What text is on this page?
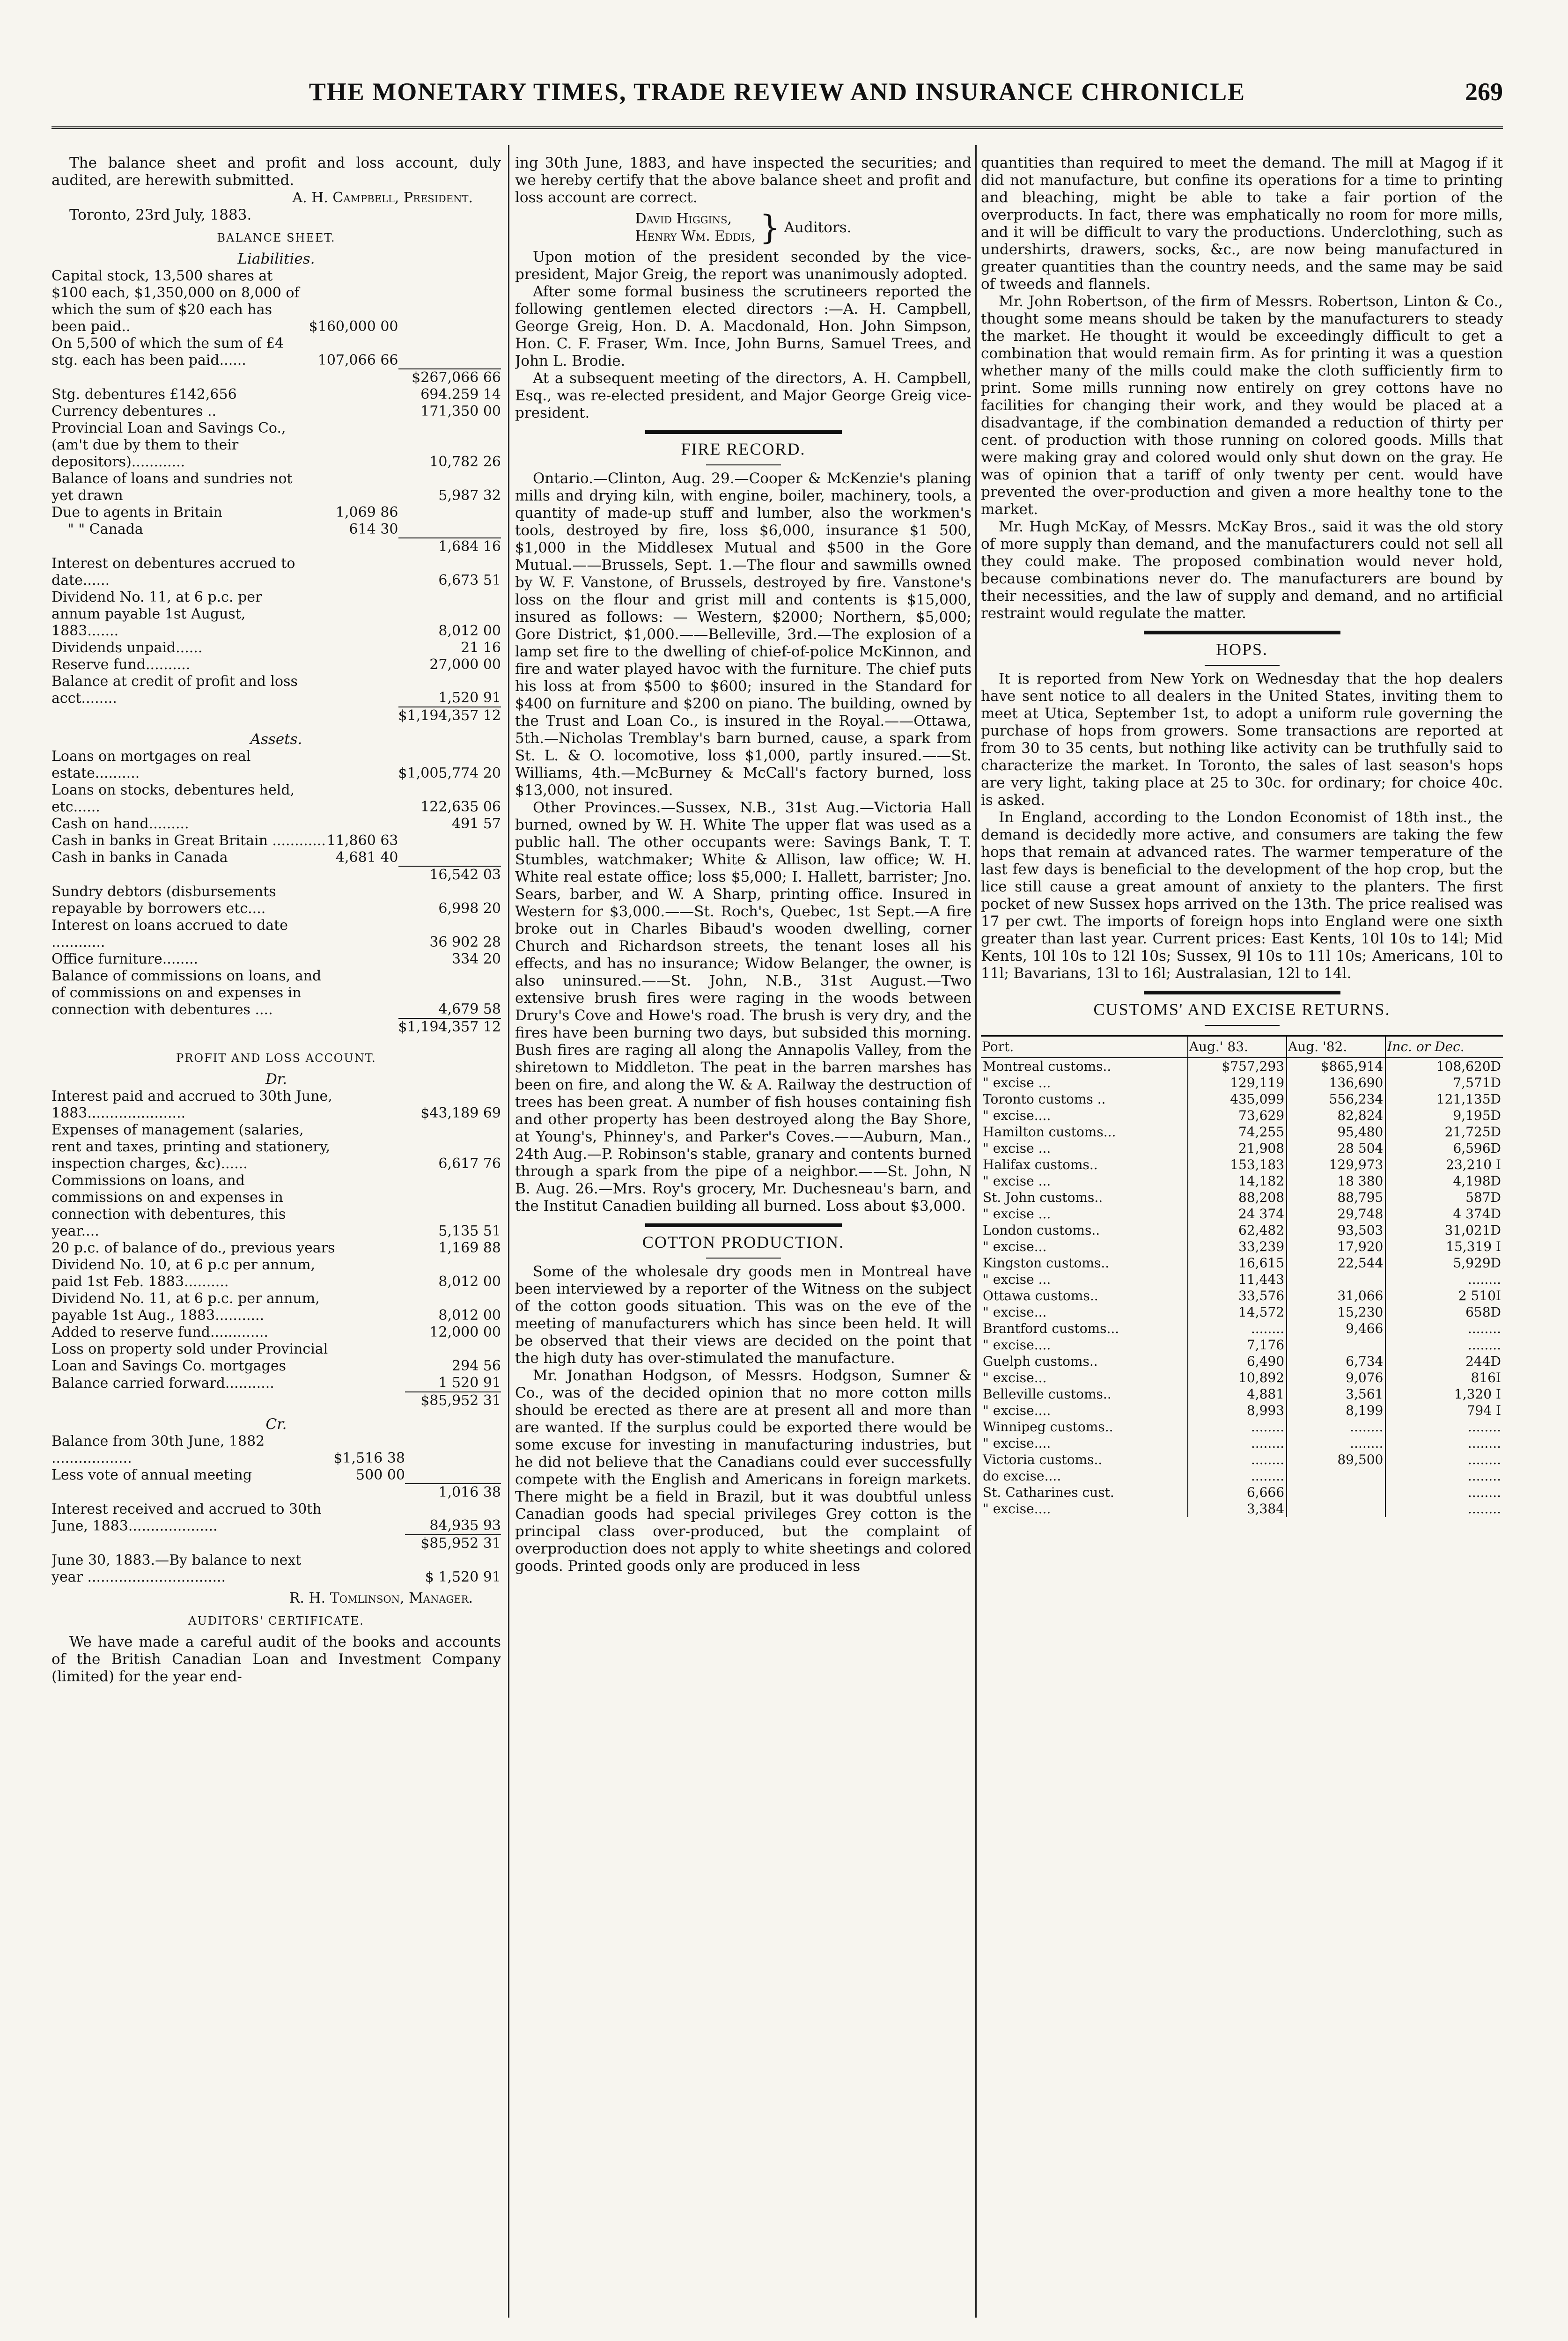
THE MONETARY TIMES, TRADE REVIEW AND INSURANCE CHRONICLE	269

The balance sheet and profit and loss account, duly audited, are herewith submitted.

A. H. Campbell, President.

Toronto, 23rd July, 1883.

BALANCE SHEET.
Liabilities.
Capital stock, 13,500 shares at $100 each, $1,350,000 on 8,000 of which the sum of $20 each has been paid..	$160,000 00	
On 5,500 of which the sum of £4 stg. each has been paid......	107,066 66	
		$267,066 66
Stg. debentures £142,656		694.259 14
Currency debentures ..		171,350 00
Provincial Loan and Savings Co., (am't due by them to their depositors)............		10,782 26
Balance of loans and sundries not yet drawn		5,987 32
Due to agents in Britain	1,069 86	
" " Canada	614 30	
		1,684 16
Interest on debentures accrued to date......		6,673 51
Dividend No. 11, at 6 p.c. per annum payable 1st August, 1883.......		8,012 00
Dividends unpaid......		21 16
Reserve fund..........		27,000 00
Balance at credit of profit and loss acct........		1,520 91
		$1,194,357 12
Assets.
Loans on mortgages on real estate..........		$1,005,774 20
Loans on stocks, debentures held, etc......		122,635 06
Cash on hand.........		491 57
Cash in banks in Great Britain ............	11,860 63	
Cash in banks in Canada	4,681 40	
		16,542 03
Sundry debtors (disbursements repayable by borrowers etc....		6,998 20
Interest on loans accrued to date ............		36 902 28
Office furniture........		334 20
Balance of commissions on loans, and of commissions on and expenses in connection with debentures ....		4,679 58
		$1,194,357 12
PROFIT AND LOSS ACCOUNT.
Dr.
Interest paid and accrued to 30th June, 1883......................		$43,189 69
Expenses of management (salaries, rent and taxes, printing and stationery, inspection charges, &c)......		6,617 76
Commissions on loans, and commissions on and expenses in connection with debentures, this year....		5,135 51
20 p.c. of balance of do., previous years		1,169 88
Dividend No. 10, at 6 p.c per annum, paid 1st Feb. 1883..........		8,012 00
Dividend No. 11, at 6 p.c. per annum, payable 1st Aug., 1883...........		8,012 00
Added to reserve fund.............		12,000 00
Loss on property sold under Provincial Loan and Savings Co. mortgages		294 56
Balance carried forward...........		1 520 91
		$85,952 31
Cr.
Balance from 30th June, 1882 ..................	$1,516 38	
Less vote of annual meeting	500 00	
		1,016 38
Interest received and accrued to 30th June, 1883....................		84,935 93
		$85,952 31
June 30, 1883.—By balance to next year ...............................		$ 1,520 91
R. H. Tomlinson, Manager.
AUDITORS' CERTIFICATE.

We have made a careful audit of the books and accounts of the British Canadian Loan and Investment Company (limited) for the year end-

ing 30th June, 1883, and have inspected the securities; and we hereby certify that the above balance sheet and profit and loss account are correct.

David Higgins,
Henry Wm. Eddis, } Auditors.

Upon motion of the president seconded by the vice-president, Major Greig, the report was unanimously adopted.

After some formal business the scrutineers reported the following gentlemen elected directors :—A. H. Campbell, George Greig, Hon. D. A. Macdonald, Hon. John Simpson, Hon. C. F. Fraser, Wm. Ince, John Burns, Samuel Trees, and John L. Brodie.

At a subsequent meeting of the directors, A. H. Campbell, Esq., was re-elected president, and Major George Greig vice-president.

FIRE RECORD.

Ontario.—Clinton, Aug. 29.—Cooper & McKenzie's planing mills and drying kiln, with engine, boiler, machinery, tools, a quantity of made-up stuff and lumber, also the workmen's tools, destroyed by fire, loss $6,000, insurance $1 500, $1,000 in the Middlesex Mutual and $500 in the Gore Mutual.——Brussels, Sept. 1.—The flour and sawmills owned by W. F. Vanstone, of Brussels, destroyed by fire. Vanstone's loss on the flour and grist mill and contents is $15,000, insured as follows: — Western, $2000; Northern, $5,000; Gore District, $1,000.——Belleville, 3rd.—The explosion of a lamp set fire to the dwelling of chief-of-police McKinnon, and fire and water played havoc with the furniture. The chief puts his loss at from $500 to $600; insured in the Standard for $400 on furniture and $200 on piano. The building, owned by the Trust and Loan Co., is insured in the Royal.——Ottawa, 5th.—Nicholas Tremblay's barn burned, cause, a spark from St. L. & O. locomotive, loss $1,000, partly insured.——St. Williams, 4th.—McBurney & McCall's factory burned, loss $13,000, not insured.

Other Provinces.—Sussex, N.B., 31st Aug.—Victoria Hall burned, owned by W. H. White The upper flat was used as a public hall. The other occupants were: Savings Bank, T. T. Stumbles, watchmaker; White & Allison, law office; W. H. White real estate office; loss $5,000; I. Hallett, barrister; Jno. Sears, barber, and W. A Sharp, printing office. Insured in Western for $3,000.——St. Roch's, Quebec, 1st Sept.—A fire broke out in Charles Bibaud's wooden dwelling, corner Church and Richardson streets, the tenant loses all his effects, and has no insurance; Widow Belanger, the owner, is also uninsured.——St. John, N.B., 31st August.—Two extensive brush fires were raging in the woods between Drury's Cove and Howe's road. The brush is very dry, and the fires have been burning two days, but subsided this morning. Bush fires are raging all along the Annapolis Valley, from the shiretown to Middleton. The peat in the barren marshes has been on fire, and along the W. & A. Railway the destruction of trees has been great. A number of fish houses containing fish and other property has been destroyed along the Bay Shore, at Young's, Phinney's, and Parker's Coves.——Auburn, Man., 24th Aug.—P. Robinson's stable, granary and contents burned through a spark from the pipe of a neighbor.——St. John, N B. Aug. 26.—Mrs. Roy's grocery, Mr. Duchesneau's barn, and the Institut Canadien building all burned. Loss about $3,000.

COTTON PRODUCTION.

Some of the wholesale dry goods men in Montreal have been interviewed by a reporter of the Witness on the subject of the cotton goods situation. This was on the eve of the meeting of manufacturers which has since been held. It will be observed that their views are decided on the point that the high duty has over-stimulated the manufacture.

Mr. Jonathan Hodgson, of Messrs. Hodgson, Sumner & Co., was of the decided opinion that no more cotton mills should be erected as there are at present all and more than are wanted. If the surplus could be exported there would be some excuse for investing in manufacturing industries, but he did not believe that the Canadians could ever successfully compete with the English and Americans in foreign markets. There might be a field in Brazil, but it was doubtful unless Canadian goods had special privileges Grey cotton is the principal class over-produced, but the complaint of overproduction does not apply to white sheetings and colored goods. Printed goods only are produced in less

quantities than required to meet the demand. The mill at Magog if it did not manufacture, but confine its operations for a time to printing and bleaching, might be able to take a fair portion of the overproducts. In fact, there was emphatically no room for more mills, and it will be difficult to vary the productions. Underclothing, such as undershirts, drawers, socks, &c., are now being manufactured in greater quantities than the country needs, and the same may be said of tweeds and flannels.

Mr. John Robertson, of the firm of Messrs. Robertson, Linton & Co., thought some means should be taken by the manufacturers to steady the market. He thought it would be exceedingly difficult to get a combination that would remain firm. As for printing it was a question whether many of the mills could make the cloth sufficiently firm to print. Some mills running now entirely on grey cottons have no facilities for changing their work, and they would be placed at a disadvantage, if the combination demanded a reduction of thirty per cent. of production with those running on colored goods. Mills that were making gray and colored would only shut down on the gray. He was of opinion that a tariff of only twenty per cent. would have prevented the over-production and given a more healthy tone to the market.

Mr. Hugh McKay, of Messrs. McKay Bros., said it was the old story of more supply than demand, and the manufacturers could not sell all they could make. The proposed combination would never hold, because combinations never do. The manufacturers are bound by their necessities, and the law of supply and demand, and no artificial restraint would regulate the matter.

HOPS.

It is reported from New York on Wednesday that the hop dealers have sent notice to all dealers in the United States, inviting them to meet at Utica, September 1st, to adopt a uniform rule governing the purchase of hops from growers. Some transactions are reported at from 30 to 35 cents, but nothing like activity can be truthfully said to characterize the market. In Toronto, the sales of last season's hops are very light, taking place at 25 to 30c. for ordinary; for choice 40c. is asked.

In England, according to the London Economist of 18th inst., the demand is decidedly more active, and consumers are taking the few hops that remain at advanced rates. The warmer temperature of the last few days is beneficial to the development of the hop crop, but the lice still cause a great amount of anxiety to the planters. The first pocket of new Sussex hops arrived on the 13th. The price realised was 17 per cwt. The imports of foreign hops into England were one sixth greater than last year. Current prices: East Kents, 10l 10s to 14l; Mid Kents, 10l 10s to 12l 10s; Sussex, 9l 10s to 11l 10s; Americans, 10l to 11l; Bavarians, 13l to 16l; Australasian, 12l to 14l.

CUSTOMS' AND EXCISE RETURNS.
Port.	Aug.' 83.	Aug. '82.	Inc. or Dec.
Montreal customs..	$757,293	$865,914	108,620D
" excise ...	129,119	136,690	7,571D
Toronto customs ..	435,099	556,234	121,135D
" excise....	73,629	82,824	9,195D
Hamilton customs...	74,255	95,480	21,725D
" excise ...	21,908	28 504	6,596D
Halifax customs..	153,183	129,973	23,210 I
" excise ...	14,182	18 380	4,198D
St. John customs..	88,208	88,795	587D
" excise ...	24 374	29,748	4 374D
London customs..	62,482	93,503	31,021D
" excise...	33,239	17,920	15,319 I
Kingston customs..	16,615	22,544	5,929D
" excise ...	11,443		........
Ottawa customs..	33,576	31,066	2 510I
" excise...	14,572	15,230	658D
Brantford customs...	........	9,466	........
" excise....	7,176		........
Guelph customs..	6,490	6,734	244D
" excise...	10,892	9,076	816I
Belleville customs..	4,881	3,561	1,320 I
" excise....	8,993	8,199	794 I
Winnipeg customs..	........	........	........
" excise....	........	........	........
Victoria customs..	........	89,500	........
do excise....	........		........
St. Catharines cust.	6,666		........
" excise....	3,384		........
